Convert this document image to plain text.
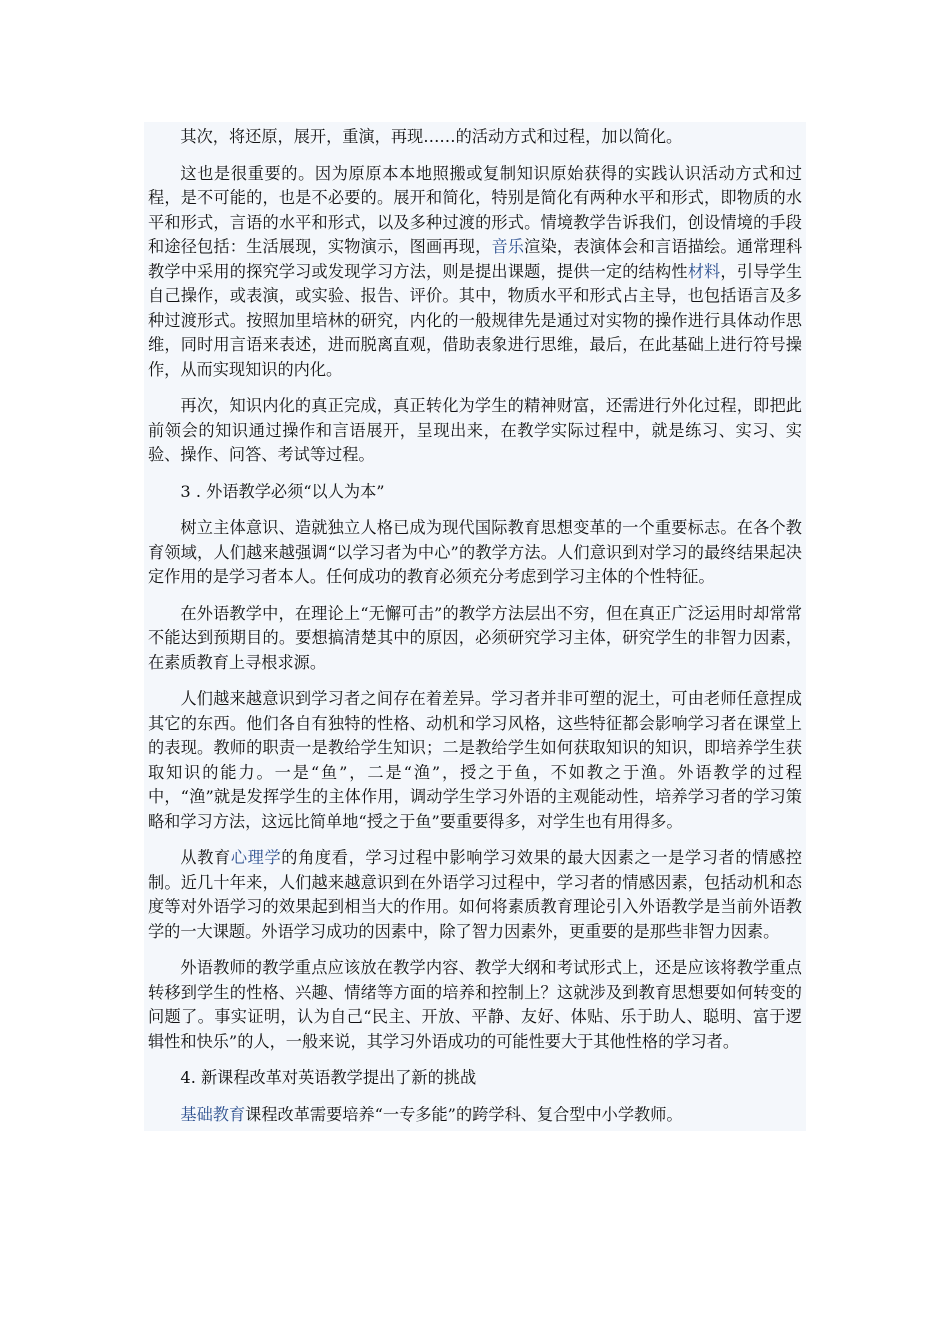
其次，将还原，展开，重演，再现……的活动方式和过程，加以简化。

这也是很重要的。因为原原本本地照搬或复制知识原始获得的实践认识活动方式和过程，是不可能的，也是不必要的。展开和简化，特别是简化有两种水平和形式，即物质的水平和形式，言语的水平和形式，以及多种过渡的形式。情境教学告诉我们，创设情境的手段和途径包括：生活展现，实物演示，图画再现，音乐渲染，表演体会和言语描绘。通常理科教学中采用的探究学习或发现学习方法，则是提出课题，提供一定的结构性材料，引导学生自己操作，或表演，或实验、报告、评价。其中，物质水平和形式占主导，也包括语言及多种过渡形式。按照加里培林的研究，内化的一般规律先是通过对实物的操作进行具体动作思维，同时用言语来表述，进而脱离直观，借助表象进行思维，最后，在此基础上进行符号操作，从而实现知识的内化。

再次，知识内化的真正完成，真正转化为学生的精神财富，还需进行外化过程，即把此前领会的知识通过操作和言语展开，呈现出来，在教学实际过程中，就是练习、实习、实验、操作、问答、考试等过程。

3 . 外语教学必须“以人为本”

树立主体意识、造就独立人格已成为现代国际教育思想变革的一个重要标志。在各个教育领域，人们越来越强调“以学习者为中心”的教学方法。人们意识到对学习的最终结果起决定作用的是学习者本人。任何成功的教育必须充分考虑到学习主体的个性特征。

在外语教学中，在理论上“无懈可击”的教学方法层出不穷，但在真正广泛运用时却常常不能达到预期目的。要想搞清楚其中的原因，必须研究学习主体，研究学生的非智力因素，在素质教育上寻根求源。

人们越来越意识到学习者之间存在着差异。学习者并非可塑的泥土，可由老师任意捏成其它的东西。他们各自有独特的性格、动机和学习风格，这些特征都会影响学习者在课堂上的表现。教师的职责一是教给学生知识；二是教给学生如何获取知识的知识，即培养学生获取知识的能力。一是“鱼”，二是“渔”，授之于鱼，不如教之于渔。外语教学的过程中，“渔”就是发挥学生的主体作用，调动学生学习外语的主观能动性，培养学习者的学习策略和学习方法，这远比简单地“授之于鱼”要重要得多，对学生也有用得多。

从教育心理学的角度看，学习过程中影响学习效果的最大因素之一是学习者的情感控制。近几十年来，人们越来越意识到在外语学习过程中，学习者的情感因素，包括动机和态度等对外语学习的效果起到相当大的作用。如何将素质教育理论引入外语教学是当前外语教学的一大课题。外语学习成功的因素中，除了智力因素外，更重要的是那些非智力因素。

外语教师的教学重点应该放在教学内容、教学大纲和考试形式上，还是应该将教学重点转移到学生的性格、兴趣、情绪等方面的培养和控制上？这就涉及到教育思想要如何转变的问题了。事实证明，认为自己“民主、开放、平静、友好、体贴、乐于助人、聪明、富于逻辑性和快乐”的人，一般来说，其学习外语成功的可能性要大于其他性格的学习者。

4. 新课程改革对英语教学提出了新的挑战

基础教育课程改革需要培养“一专多能”的跨学科、复合型中小学教师。
